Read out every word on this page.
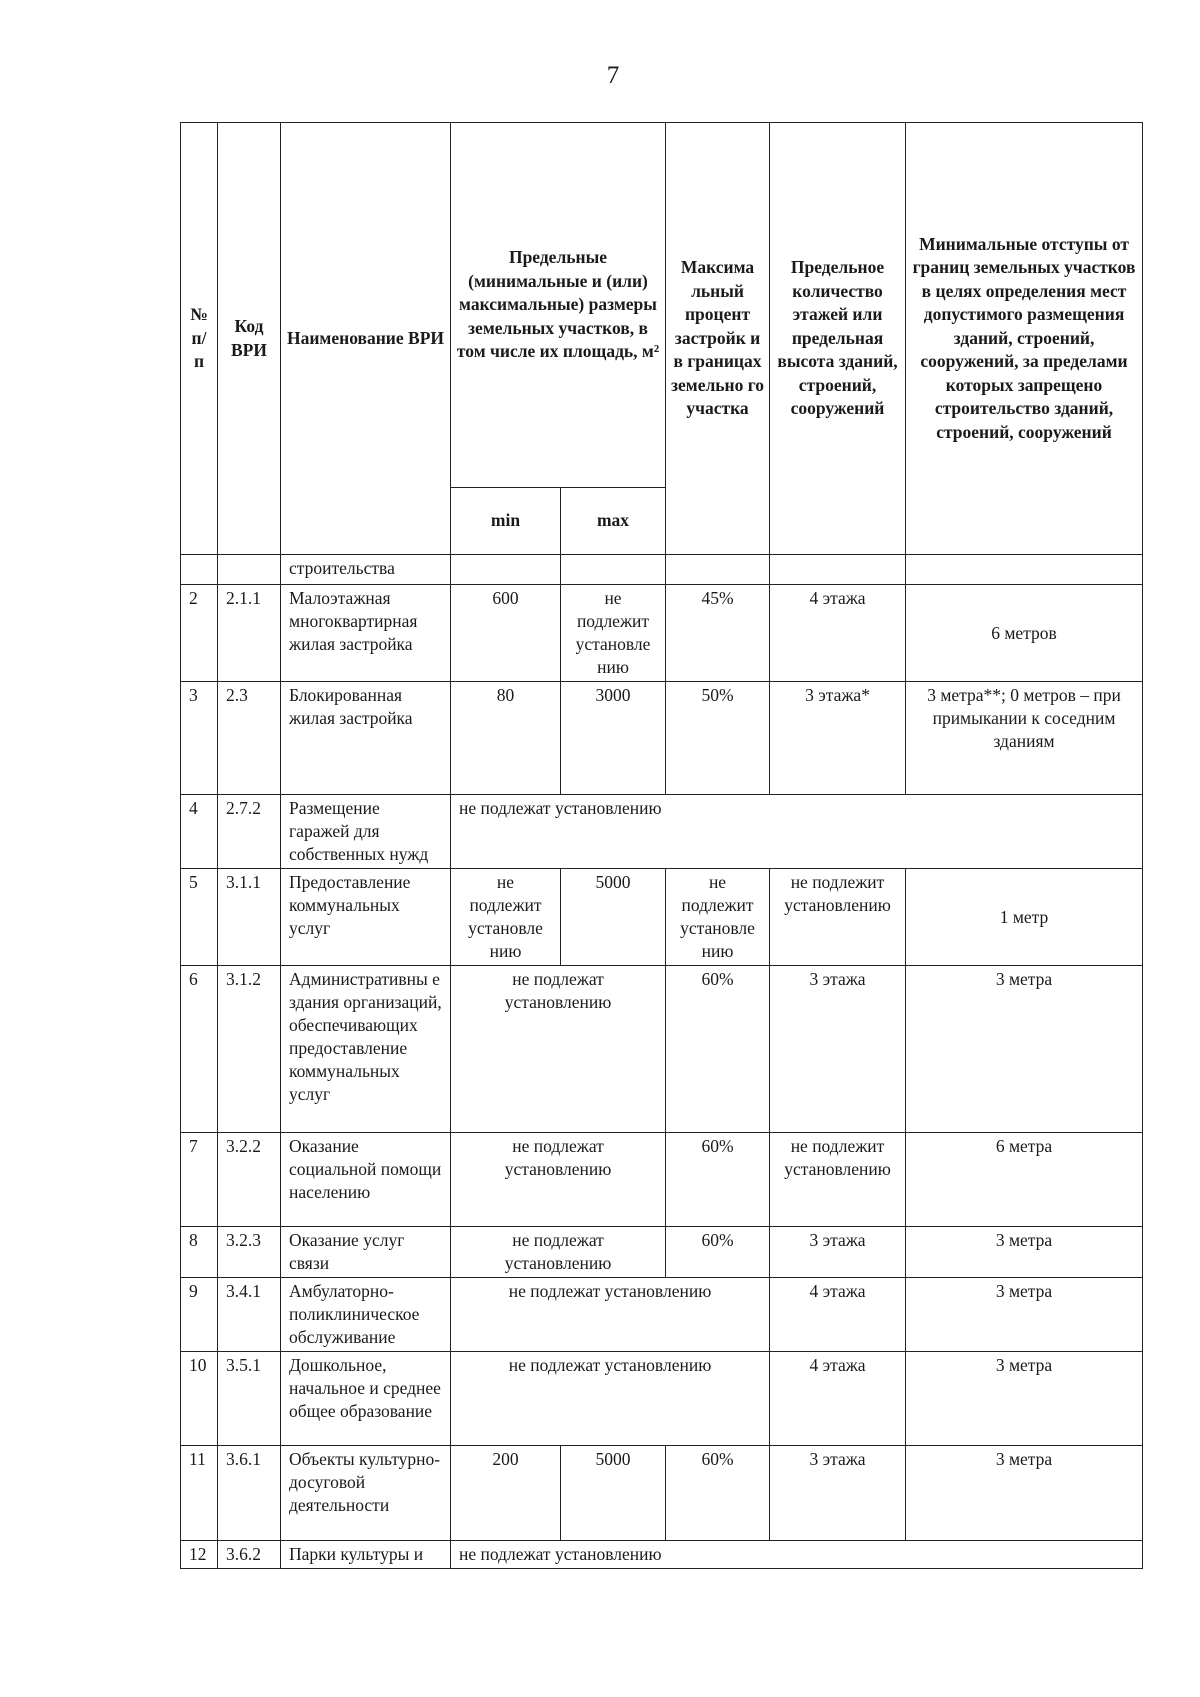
7
№ п/ п	Код ВРИ	Наименование ВРИ	Предельные (минимальные и (или) максимальные) размеры земельных участков, в том числе их площадь, м²		Максима льный процент застройк и в границах земельно го участка	Предельное количество этажей или предельная высота зданий, строений, сооружений	Минимальные отступы от границ земельных участков в целях определения мест допустимого размещения зданий, строений, сооружений, за пределами которых запрещено строительство зданий, строений, сооружений
			min	max			
		строительства					
2	2.1.1	Малоэтажная многоквартирная жилая застройка	600	не подлежит установле нию	45%	4 этажа	6 метров
3	2.3	Блокированная жилая застройка	80	3000	50%	3 этажа*	3 метра**; 0 метров – при примыкании к соседним зданиям
4	2.7.2	Размещение гаражей для собственных нужд	не подлежат установлению				
5	3.1.1	Предоставление коммунальных услуг	не подлежит установле нию	5000	не подлежит установле нию	не подлежит установлению	1 метр
6	3.1.2	Административны е здания организаций, обеспечивающих предоставление коммунальных услуг	не подлежат установлению		60%	3 этажа	3 метра
7	3.2.2	Оказание социальной помощи населению	не подлежат установлению		60%	не подлежит установлению	6 метра
8	3.2.3	Оказание услуг связи	не подлежат установлению		60%	3 этажа	3 метра
9	3.4.1	Амбулаторно-поликлиническое обслуживание	не подлежат установлению			4 этажа	3 метра
10	3.5.1	Дошкольное, начальное и среднее общее образование	не подлежат установлению			4 этажа	3 метра
11	3.6.1	Объекты культурно-досуговой деятельности	200	5000	60%	3 этажа	3 метра
12	3.6.2	Парки культуры и	не подлежат установлению				
